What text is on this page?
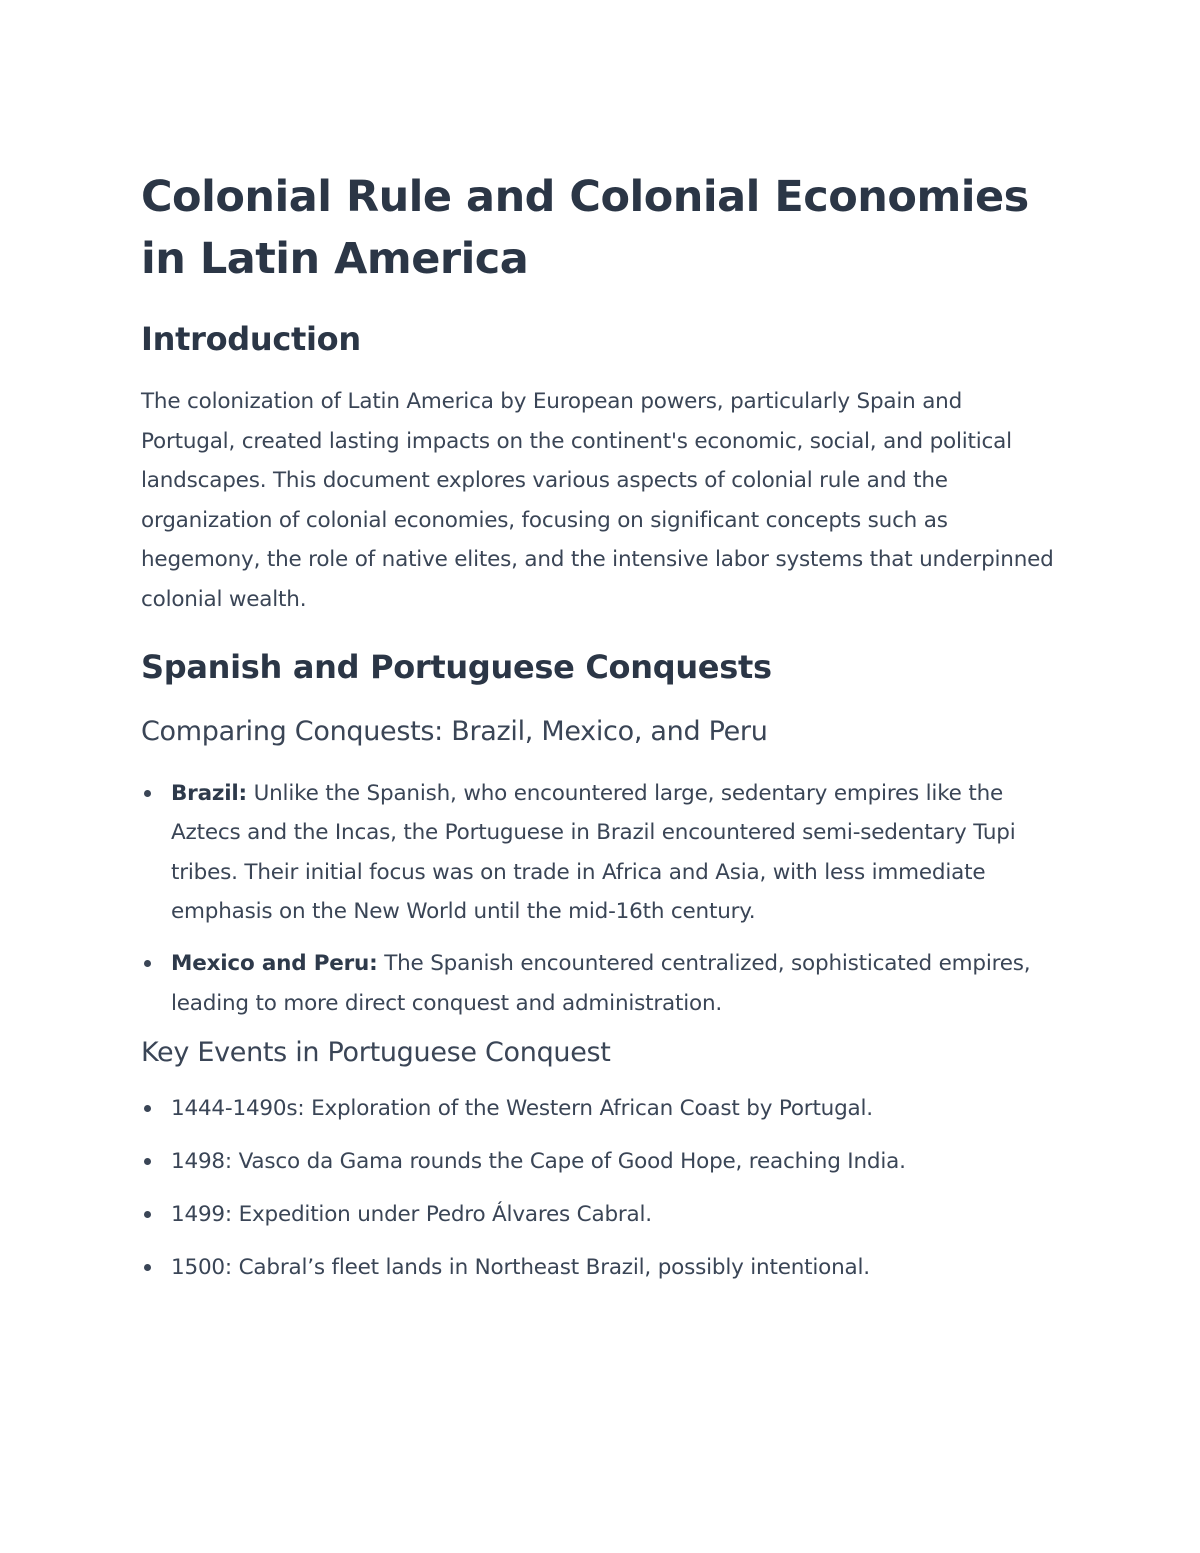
Colonial Rule and Colonial Economies in Latin America
Introduction

The colonization of Latin America by European powers, particularly Spain and Portugal, created lasting impacts on the continent's economic, social, and political landscapes. This document explores various aspects of colonial rule and the organization of colonial economies, focusing on significant concepts such as hegemony, the role of native elites, and the intensive labor systems that underpinned colonial wealth.

Spanish and Portuguese Conquests
Comparing Conquests: Brazil, Mexico, and Peru
Brazil: Unlike the Spanish, who encountered large, sedentary empires like the Aztecs and the Incas, the Portuguese in Brazil encountered semi-sedentary Tupi tribes. Their initial focus was on trade in Africa and Asia, with less immediate emphasis on the New World until the mid-16th century.
Mexico and Peru: The Spanish encountered centralized, sophisticated empires, leading to more direct conquest and administration.
Key Events in Portuguese Conquest
1444-1490s: Exploration of the Western African Coast by Portugal.
1498: Vasco da Gama rounds the Cape of Good Hope, reaching India.
1499: Expedition under Pedro Álvares Cabral.
1500: Cabral’s fleet lands in Northeast Brazil, possibly intentional.
